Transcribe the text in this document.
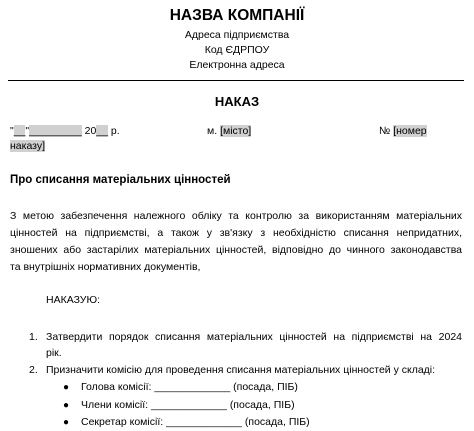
НАЗВА КОМПАНІЇ
Адреса підприємства
Код ЄДРПОУ
Електронна адреса
НАКАЗ
"__"_________ 20__ р.	м. [місто]	№ [номер
наказу]
Про списання матеріальних цінностей
З метою забезпечення належного обліку та контролю за використанням матеріальних
цінностей на підприємстві, а також у зв'язку з необхідністю списання непридатних,
зношених або застарілих матеріальних цінностей, відповідно до чинного законодавства
та внутрішніх нормативних документів,
НАКАЗУЮ:
1. Затвердити порядок списання матеріальних цінностей на підприємстві на 2024
рік.
2. Призначити комісію для проведення списання матеріальних цінностей у складі:
● Голова комісії: _____________ (посада, ПІБ)
● Члени комісії: _____________ (посада, ПІБ)
● Секретар комісії: _____________ (посада, ПІБ)
